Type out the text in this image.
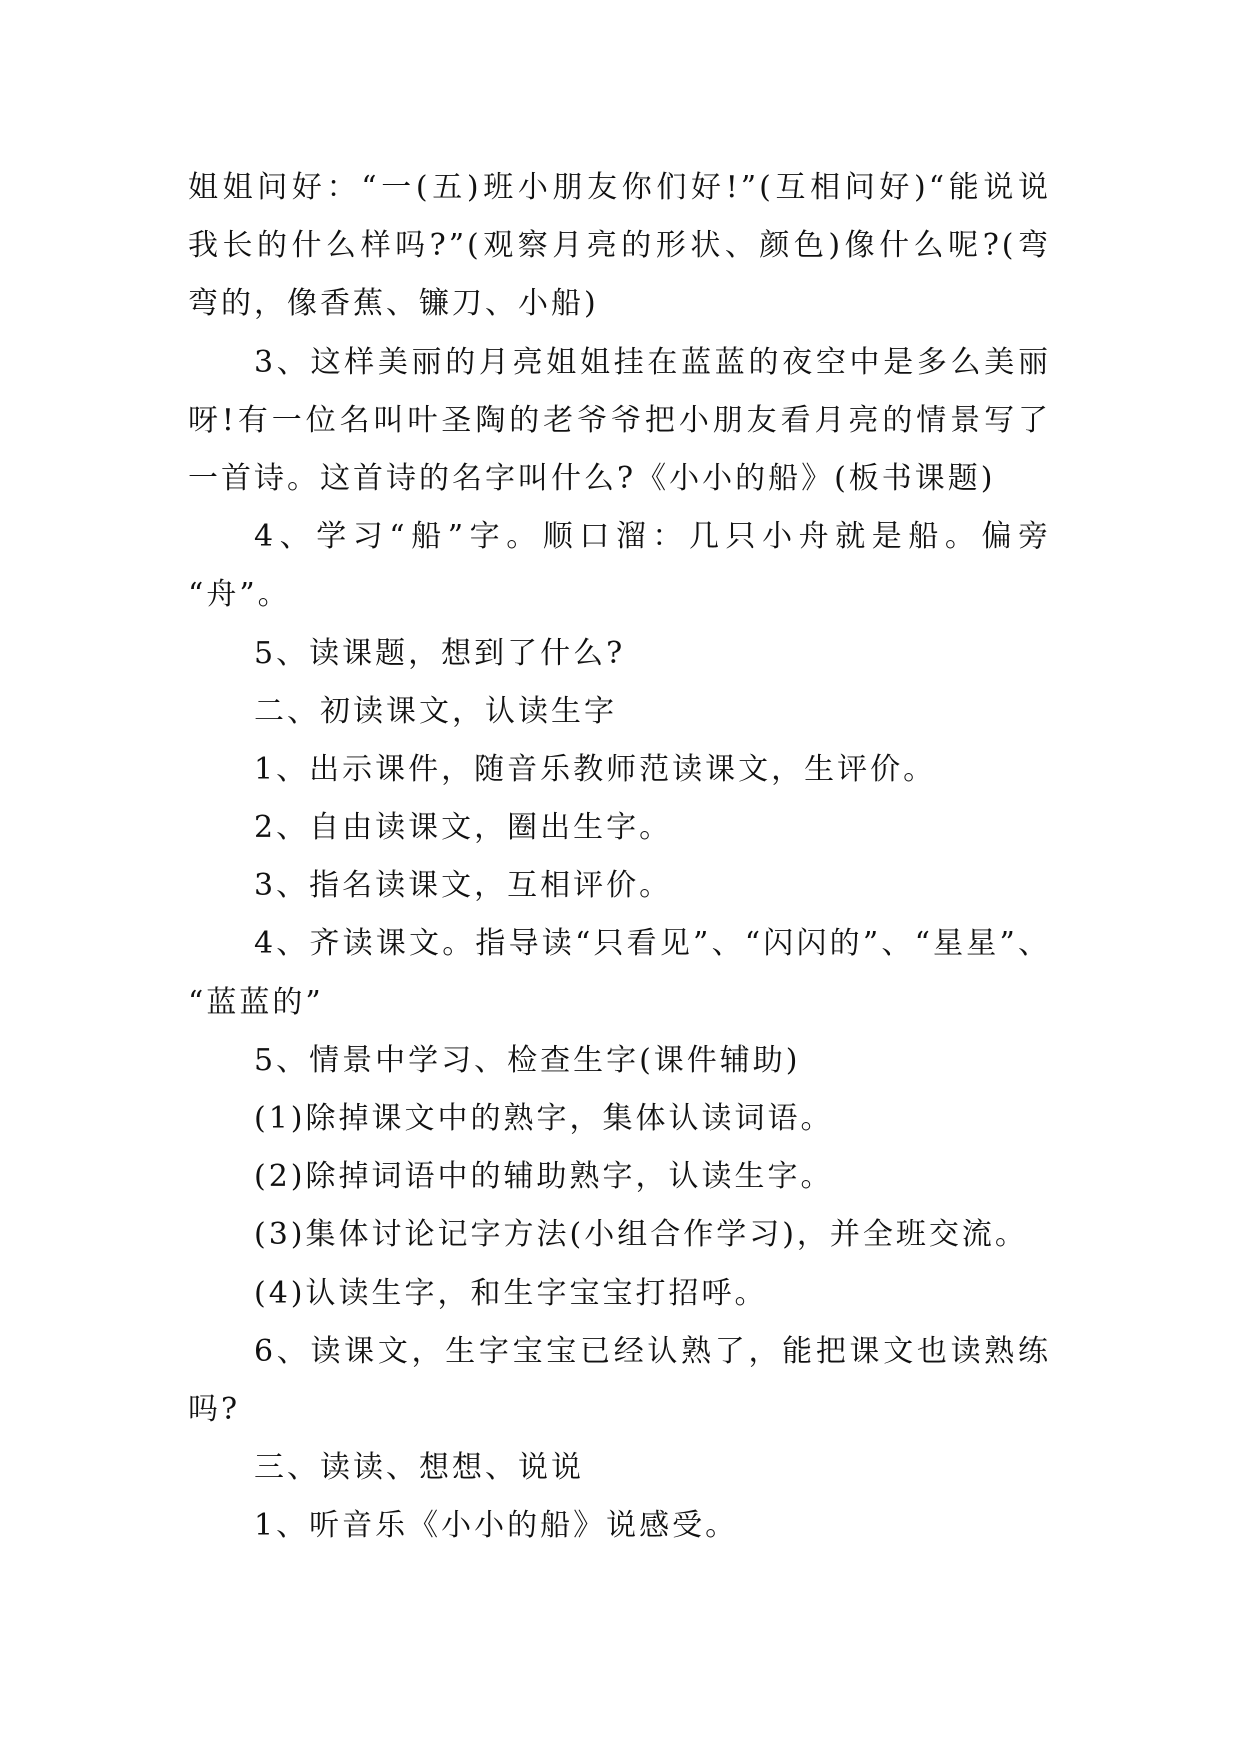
姐姐问好：“一(五)班小朋友你们好!”(互相问好)“能说说
我长的什么样吗?”(观察月亮的形状、颜色)像什么呢?(弯
弯的，像香蕉、镰刀、小船)
3、这样美丽的月亮姐姐挂在蓝蓝的夜空中是多么美丽
呀!有一位名叫叶圣陶的老爷爷把小朋友看月亮的情景写了
一首诗。这首诗的名字叫什么?《小小的船》(板书课题)
4、学习“船”字。顺口溜：几只小舟就是船。偏旁
“舟”。
5、读课题，想到了什么?
二、初读课文，认读生字
1、出示课件，随音乐教师范读课文，生评价。
2、自由读课文，圈出生字。
3、指名读课文，互相评价。
4、齐读课文。指导读“只看见”、“闪闪的”、“星星”、
“蓝蓝的”
5、情景中学习、检查生字(课件辅助)
(1)除掉课文中的熟字，集体认读词语。
(2)除掉词语中的辅助熟字，认读生字。
(3)集体讨论记字方法(小组合作学习)，并全班交流。
(4)认读生字，和生字宝宝打招呼。
6、读课文，生字宝宝已经认熟了，能把课文也读熟练
吗?
三、读读、想想、说说
1、听音乐《小小的船》说感受。
